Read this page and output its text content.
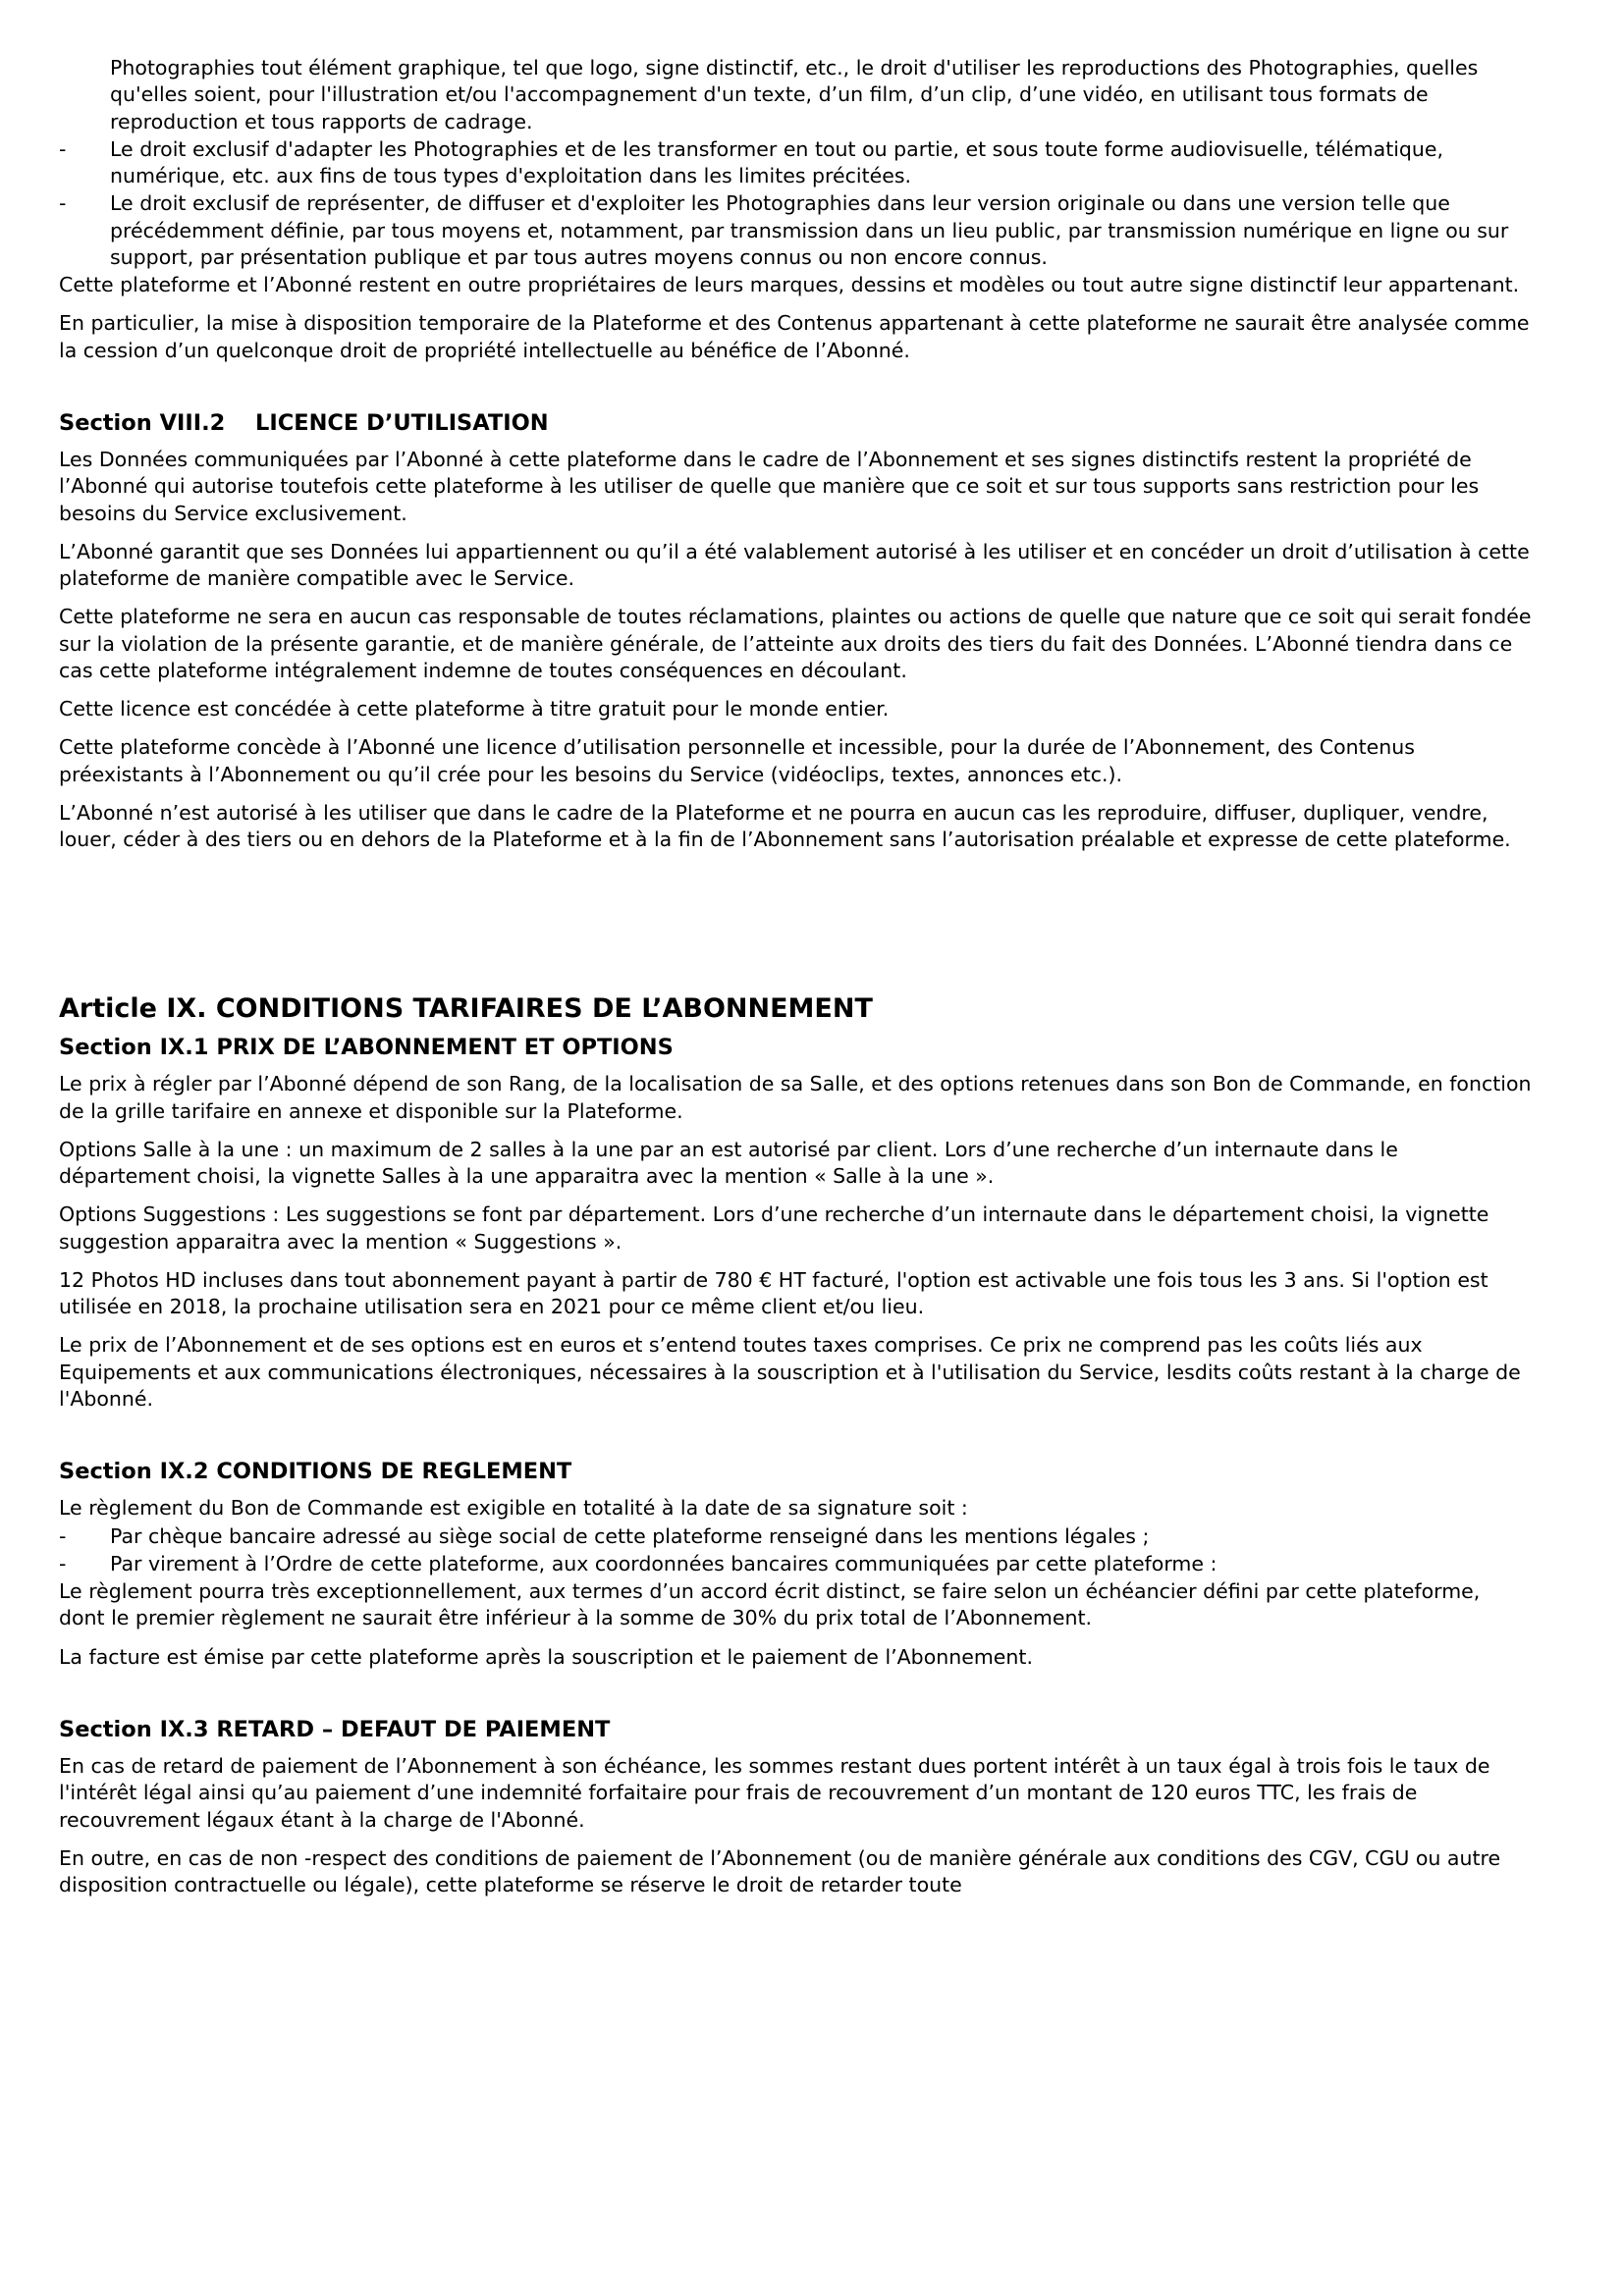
Photographies tout élément graphique, tel que logo, signe distinctif, etc., le droit d'utiliser les reproductions des Photographies, quelles qu'elles soient, pour l'illustration et/ou l'accompagnement d'un texte, d’un film, d’un clip, d’une vidéo, en utilisant tous formats de reproduction et tous rapports de cadrage.
-	Le droit exclusif d'adapter les Photographies et de les transformer en tout ou partie, et sous toute forme audiovisuelle, télématique, numérique, etc. aux fins de tous types d'exploitation dans les limites précitées.
-	Le droit exclusif de représenter, de diffuser et d'exploiter les Photographies dans leur version originale ou dans une version telle que précédemment définie, par tous moyens et, notamment, par transmission dans un lieu public, par transmission numérique en ligne ou sur support, par présentation publique et par tous autres moyens connus ou non encore connus.

Cette plateforme et l’Abonné restent en outre propriétaires de leurs marques, dessins et modèles ou tout autre signe distinctif leur appartenant.

En particulier, la mise à disposition temporaire de la Plateforme et des Contenus appartenant à cette plateforme ne saurait être analysée comme la cession d’un quelconque droit de propriété intellectuelle au bénéfice de l’Abonné.

Section VIII.2	LICENCE D’UTILISATION

Les Données communiquées par l’Abonné à cette plateforme dans le cadre de l’Abonnement et ses signes distinctifs restent la propriété de l’Abonné qui autorise toutefois cette plateforme à les utiliser de quelle que manière que ce soit et sur tous supports sans restriction pour les besoins du Service exclusivement.

L’Abonné garantit que ses Données lui appartiennent ou qu’il a été valablement autorisé à les utiliser et en concéder un droit d’utilisation à cette plateforme de manière compatible avec le Service.

Cette plateforme ne sera en aucun cas responsable de toutes réclamations, plaintes ou actions de quelle que nature que ce soit qui serait fondée sur la violation de la présente garantie, et de manière générale, de l’atteinte aux droits des tiers du fait des Données. L’Abonné tiendra dans ce cas cette plateforme intégralement indemne de toutes conséquences en découlant.

Cette licence est concédée à cette plateforme à titre gratuit pour le monde entier.

Cette plateforme concède à l’Abonné une licence d’utilisation personnelle et incessible, pour la durée de l’Abonnement, des Contenus préexistants à l’Abonnement ou qu’il crée pour les besoins du Service (vidéoclips, textes, annonces etc.).

L’Abonné n’est autorisé à les utiliser que dans le cadre de la Plateforme et ne pourra en aucun cas les reproduire, diffuser, dupliquer, vendre, louer, céder à des tiers ou en dehors de la Plateforme et à la fin de l’Abonnement sans l’autorisation préalable et expresse de cette plateforme.

Article IX. CONDITIONS TARIFAIRES DE L’ABONNEMENT
Section IX.1 PRIX DE L’ABONNEMENT ET OPTIONS

Le prix à régler par l’Abonné dépend de son Rang, de la localisation de sa Salle, et des options retenues dans son Bon de Commande, en fonction de la grille tarifaire en annexe et disponible sur la Plateforme.

Options Salle à la une : un maximum de 2 salles à la une par an est autorisé par client. Lors d’une recherche d’un internaute dans le département choisi, la vignette Salles à la une apparaitra avec la mention « Salle à la une ».

Options Suggestions : Les suggestions se font par département. Lors d’une recherche d’un internaute dans le département choisi, la vignette suggestion apparaitra avec la mention « Suggestions ».

12 Photos HD incluses dans tout abonnement payant à partir de 780 € HT facturé, l'option est activable une fois tous les 3 ans. Si l'option est utilisée en 2018, la prochaine utilisation sera en 2021 pour ce même client et/ou lieu.

Le prix de l’Abonnement et de ses options est en euros et s’entend toutes taxes comprises. Ce prix ne comprend pas les coûts liés aux Equipements et aux communications électroniques, nécessaires à la souscription et à l'utilisation du Service, lesdits coûts restant à la charge de l'Abonné.

Section IX.2 CONDITIONS DE REGLEMENT

Le règlement du Bon de Commande est exigible en totalité à la date de sa signature soit :

-	Par chèque bancaire adressé au siège social de cette plateforme renseigné dans les mentions légales ;
-	Par virement à l’Ordre de cette plateforme, aux coordonnées bancaires communiquées par cette plateforme :

Le règlement pourra très exceptionnellement, aux termes d’un accord écrit distinct, se faire selon un échéancier défini par cette plateforme, dont le premier règlement ne saurait être inférieur à la somme de 30% du prix total de l’Abonnement.

La facture est émise par cette plateforme après la souscription et le paiement de l’Abonnement.

Section IX.3 RETARD – DEFAUT DE PAIEMENT

En cas de retard de paiement de l’Abonnement à son échéance, les sommes restant dues portent intérêt à un taux égal à trois fois le taux de l'intérêt légal ainsi qu’au paiement d’une indemnité forfaitaire pour frais de recouvrement d’un montant de 120 euros TTC, les frais de recouvrement légaux étant à la charge de l'Abonné.

En outre, en cas de non -respect des conditions de paiement de l’Abonnement (ou de manière générale aux conditions des CGV, CGU ou autre disposition contractuelle ou légale), cette plateforme se réserve le droit de retarder toute
